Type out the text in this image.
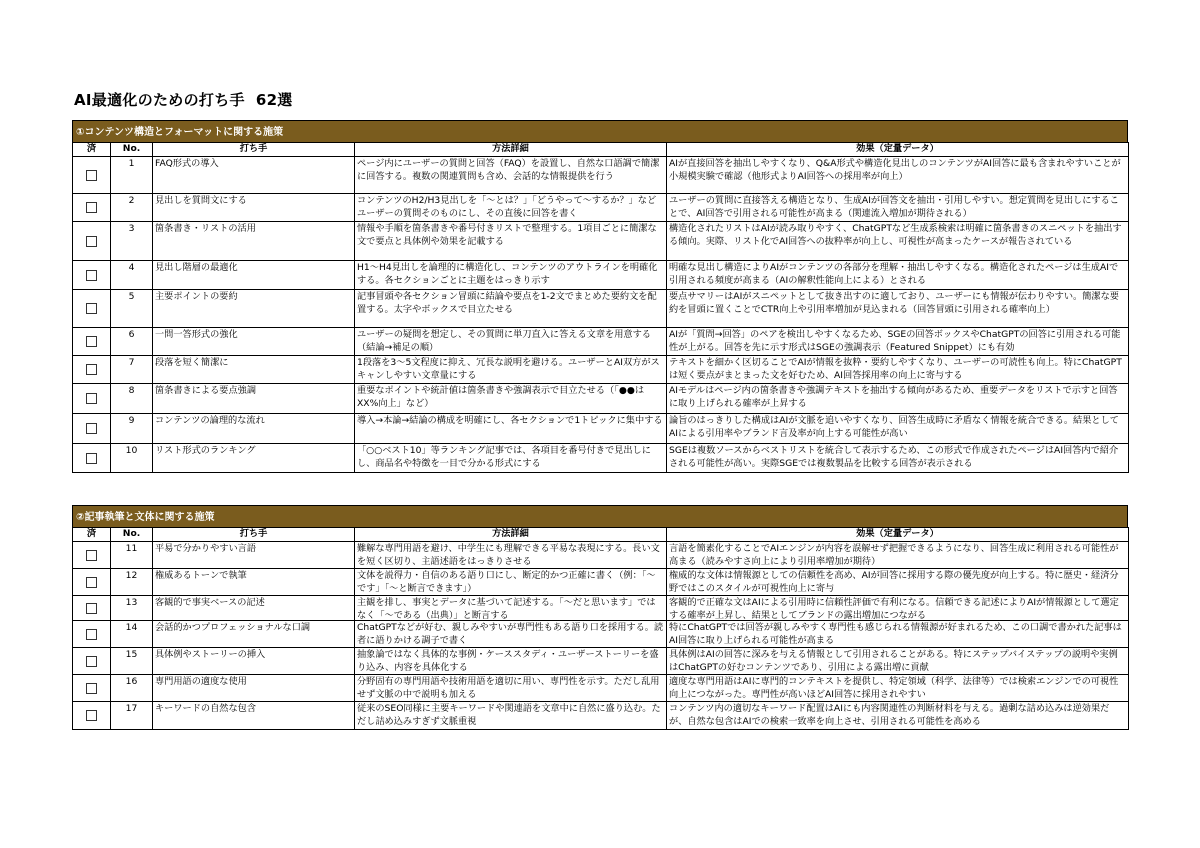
AI最適化のための打ち手  62選
①コンテンツ構造とフォーマットに関する施策
済	No.	打ち手	方法詳細	効果（定量データ）

	1	FAQ形式の導入	ページ内にユーザーの質問と回答（FAQ）を設置し、自然な口語調で簡潔に回答する。複数の関連質問も含め、会話的な情報提供を行う	AIが直接回答を抽出しやすくなり、Q&A形式や構造化見出しのコンテンツがAI回答に最も含まれやすいことが小規模実験で確認（他形式よりAI回答への採用率が向上）

	2	見出しを質問文にする	コンテンツのH2/H3見出しを「～とは？」「どうやって～するか？」などユーザーの質問そのものにし、その直後に回答を書く	ユーザーの質問に直接答える構造となり、生成AIが回答文を抽出・引用しやすい。想定質問を見出しにすることで、AI回答で引用される可能性が高まる（関連流入増加が期待される）

	3	箇条書き・リストの活用	情報や手順を箇条書きや番号付きリストで整理する。1項目ごとに簡潔な文で要点と具体例や効果を記載する	構造化されたリストはAIが読み取りやすく、ChatGPTなど生成系検索は明確に箇条書きのスニペットを抽出する傾向。実際、リスト化でAI回答への抜粋率が向上し、可視性が高まったケースが報告されている

	4	見出し階層の最適化	H1～H4見出しを論理的に構造化し、コンテンツのアウトラインを明確化する。各セクションごとに主題をはっきり示す	明確な見出し構造によりAIがコンテンツの各部分を理解・抽出しやすくなる。構造化されたページは生成AIで引用される頻度が高まる（AIの解釈性能向上による）とされる

	5	主要ポイントの要約	記事冒頭や各セクション冒頭に結論や要点を1-2文でまとめた要約文を配置する。太字やボックスで目立たせる	要点サマリーはAIがスニペットとして抜き出すのに適しており、ユーザーにも情報が伝わりやすい。簡潔な要約を冒頭に置くことでCTR向上や引用率増加が見込まれる（回答冒頭に引用される確率向上）

	6	一問一答形式の強化	ユーザーの疑問を想定し、その質問に単刀直入に答える文章を用意する（結論→補足の順）	AIが「質問→回答」のペアを検出しやすくなるため、SGEの回答ボックスやChatGPTの回答に引用される可能性が上がる。回答を先に示す形式はSGEの強調表示（Featured Snippet）にも有効

	7	段落を短く簡潔に	1段落を3～5文程度に抑え、冗長な説明を避ける。ユーザーとAI双方がスキャンしやすい文章量にする	テキストを細かく区切ることでAIが情報を抜粋・要約しやすくなり、ユーザーの可読性も向上。特にChatGPTは短く要点がまとまった文を好むため、AI回答採用率の向上に寄与する

	8	箇条書きによる要点強調	重要なポイントや統計値は箇条書きや強調表示で目立たせる（「●●はXX%向上」など）	AIモデルはページ内の箇条書きや強調テキストを抽出する傾向があるため、重要データをリストで示すと回答に取り上げられる確率が上昇する

	9	コンテンツの論理的な流れ	導入→本論→結論の構成を明確にし、各セクションで1トピックに集中する	論旨のはっきりした構成はAIが文脈を追いやすくなり、回答生成時に矛盾なく情報を統合できる。結果としてAIによる引用率やブランド言及率が向上する可能性が高い

	10	リスト形式のランキング	「○○ベスト10」等ランキング記事では、各項目を番号付きで見出しにし、商品名や特徴を一目で分かる形式にする	SGEは複数ソースからベストリストを統合して表示するため、この形式で作成されたページはAI回答内で紹介される可能性が高い。実際SGEでは複数製品を比較する回答が表示される
②記事執筆と文体に関する施策
済	No.	打ち手	方法詳細	効果（定量データ）

	11	平易で分かりやすい言語	難解な専門用語を避け、中学生にも理解できる平易な表現にする。長い文を短く区切り、主語述語をはっきりさせる	言語を簡素化することでAIエンジンが内容を誤解せず把握できるようになり、回答生成に利用される可能性が高まる（読みやすさ向上により引用率増加が期待）

	12	権威あるトーンで執筆	文体を説得力・自信のある語り口にし、断定的かつ正確に書く（例：「～です」「～と断言できます」）	権威的な文体は情報源としての信頼性を高め、AIが回答に採用する際の優先度が向上する。特に歴史・経済分野ではこのスタイルが可視性向上に寄与

	13	客観的で事実ベースの記述	主観を排し、事実とデータに基づいて記述する。「～だと思います」ではなく「～である（出典）」と断言する	客観的で正確な文はAIによる引用時に信頼性評価で有利になる。信頼できる記述によりAIが情報源として選定する確率が上昇し、結果としてブランドの露出増加につながる

	14	会話的かつプロフェッショナルな口調	ChatGPTなどが好む、親しみやすいが専門性もある語り口を採用する。読者に語りかける調子で書く	特にChatGPTでは回答が親しみやすく専門性も感じられる情報源が好まれるため、この口調で書かれた記事はAI回答に取り上げられる可能性が高まる

	15	具体例やストーリーの挿入	抽象論ではなく具体的な事例・ケーススタディ・ユーザーストーリーを盛り込み、内容を具体化する	具体例はAIの回答に深みを与える情報として引用されることがある。特にステップバイステップの説明や実例はChatGPTの好むコンテンツであり、引用による露出増に貢献

	16	専門用語の適度な使用	分野固有の専門用語や技術用語を適切に用い、専門性を示す。ただし乱用せず文脈の中で説明も加える	適度な専門用語はAIに専門的コンテキストを提供し、特定領域（科学、法律等）では検索エンジンでの可視性向上につながった。専門性が高いほどAI回答に採用されやすい

	17	キーワードの自然な包含	従来のSEO同様に主要キーワードや関連語を文章中に自然に盛り込む。ただし詰め込みすぎず文脈重視	コンテンツ内の適切なキーワード配置はAIにも内容関連性の判断材料を与える。過剰な詰め込みは逆効果だが、自然な包含はAIでの検索一致率を向上させ、引用される可能性を高める
